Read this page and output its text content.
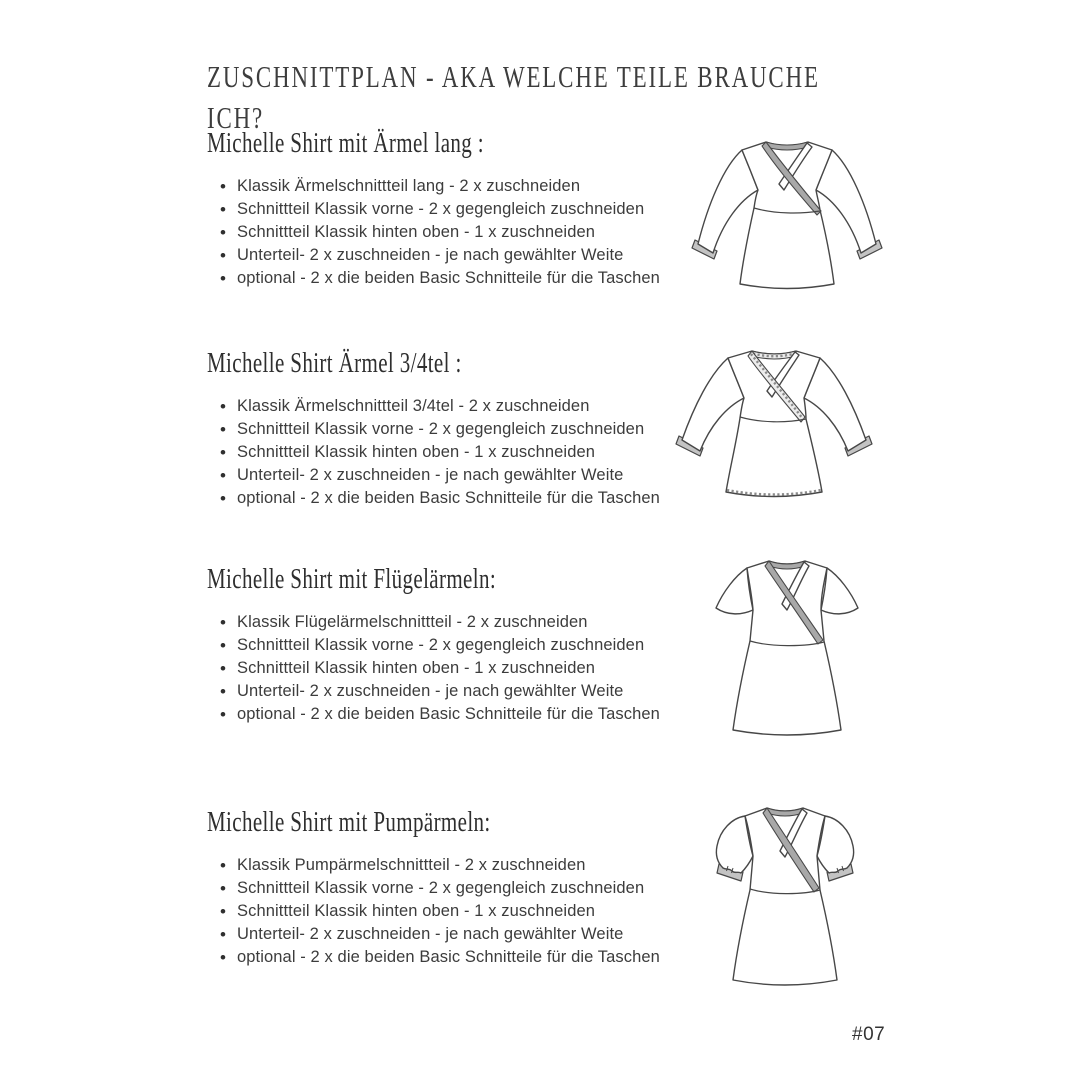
ZUSCHNITTPLAN - AKA WELCHE TEILE BRAUCHE
ICH?
Michelle Shirt mit Ärmel lang :
• Klassik Ärmelschnittteil lang - 2 x zuschneiden
• Schnittteil Klassik vorne - 2 x gegengleich zuschneiden
• Schnittteil Klassik hinten oben - 1 x zuschneiden
• Unterteil- 2 x zuschneiden - je nach gewählter Weite
• optional - 2 x die beiden Basic Schnitteile für die Taschen
Michelle Shirt Ärmel 3/4tel :
• Klassik Ärmelschnittteil 3/4tel - 2 x zuschneiden
• Schnittteil Klassik vorne - 2 x gegengleich zuschneiden
• Schnittteil Klassik hinten oben - 1 x zuschneiden
• Unterteil- 2 x zuschneiden - je nach gewählter Weite
• optional - 2 x die beiden Basic Schnitteile für die Taschen
Michelle Shirt mit Flügelärmeln:
• Klassik Flügelärmelschnittteil - 2 x zuschneiden
• Schnittteil Klassik vorne - 2 x gegengleich zuschneiden
• Schnittteil Klassik hinten oben - 1 x zuschneiden
• Unterteil- 2 x zuschneiden - je nach gewählter Weite
• optional - 2 x die beiden Basic Schnitteile für die Taschen
Michelle Shirt mit Pumpärmeln:
• Klassik Pumpärmelschnittteil - 2 x zuschneiden
• Schnittteil Klassik vorne - 2 x gegengleich zuschneiden
• Schnittteil Klassik hinten oben - 1 x zuschneiden
• Unterteil- 2 x zuschneiden - je nach gewählter Weite
• optional - 2 x die beiden Basic Schnitteile für die Taschen
#07
